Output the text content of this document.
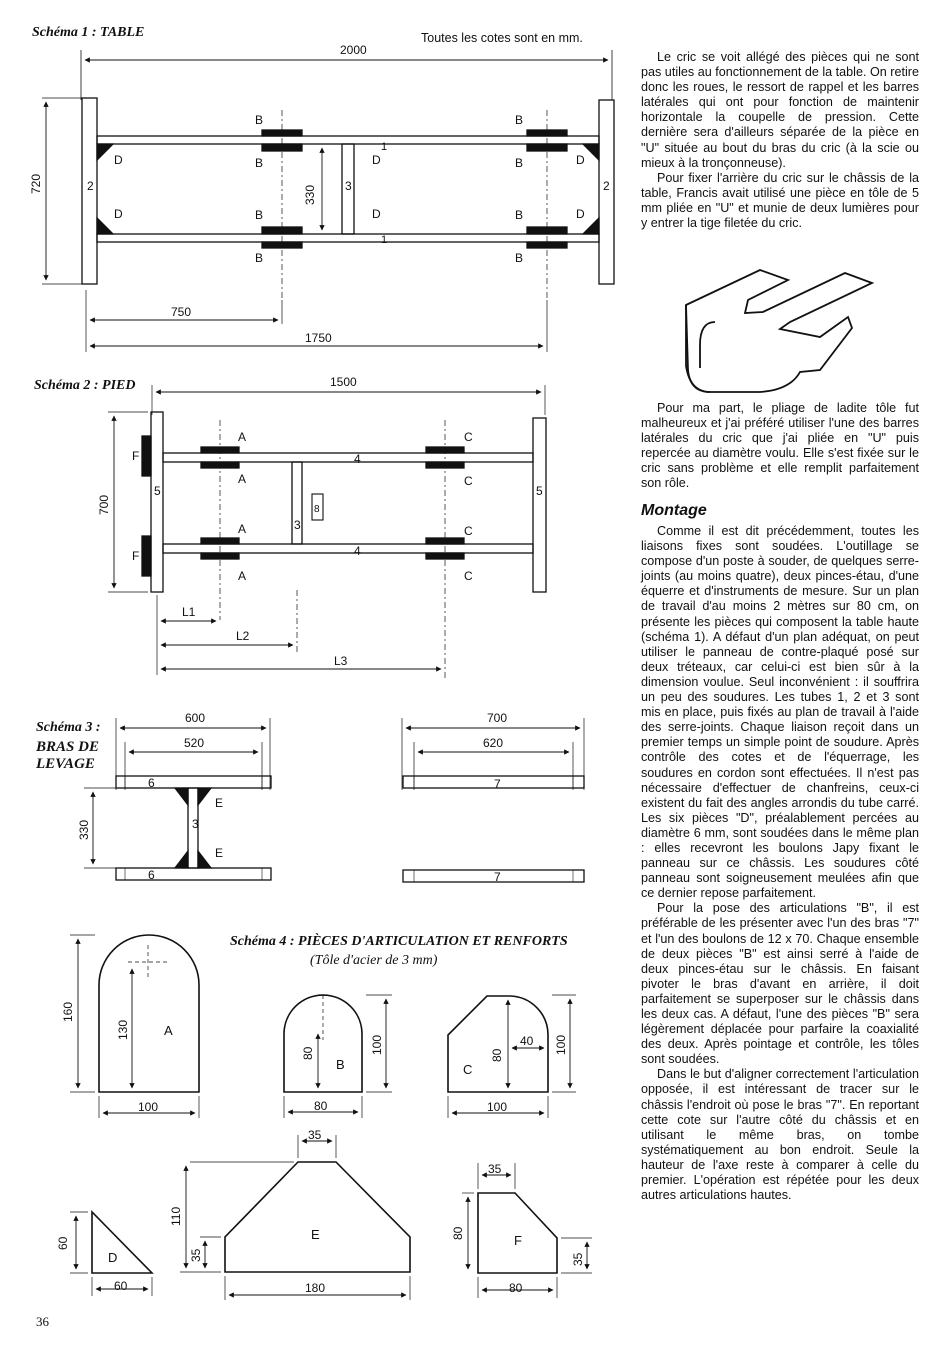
Schéma 1 : TABLE	Toutes les cotes sont en mm.
Schéma 2 : PIED
Schéma 3 :
BRAS DE
LEVAGE
Schéma 4 : PIÈCES D'ARTICULATION ET RENFORTS
(Tôle d'acier de 3 mm)
2000
720
330
750
1750
B
B
B
B
B
B
B
B
D
D
D
D
D
D
1
1
2	2
3
1500
700
L1
L2
L3
A
A
A
A
C
C
C
C
F
F
5	5
4
4
3
8
600
520
330
6
6
3
E
E
700
620
7
7
A
160
130
100
B
80	100
80
C
80
40 100
100
D
60
60
E
35
110
35
180
F
35
80
35
80

Le cric se voit allégé des pièces qui ne sont pas utiles au fonctionnement de la table. On retire donc les roues, le ressort de rappel et les barres latérales qui ont pour fonction de maintenir horizontale la coupelle de pression. Cette dernière sera d'ailleurs séparée de la pièce en "U" située au bout du bras du cric (à la scie ou mieux à la tronçonneuse).

Pour fixer l'arrière du cric sur le châssis de la table, Francis avait utilisé une pièce en tôle de 5 mm pliée en "U" et munie de deux lumières pour y entrer la tige filetée du cric.

Pour ma part, le pliage de ladite tôle fut malheureux et j'ai préféré utiliser l'une des barres latérales du cric que j'ai pliée en "U" puis repercée au diamètre voulu. Elle s'est fixée sur le cric sans problème et elle remplit parfaitement son rôle.

Montage

Comme il est dit précédemment, toutes les liaisons fixes sont soudées. L'outillage se compose d'un poste à souder, de quelques serre-joints (au moins quatre), deux pinces-étau, d'une équerre et d'instruments de mesure. Sur un plan de travail d'au moins 2 mètres sur 80 cm, on présente les pièces qui composent la table haute (schéma 1). A défaut d'un plan adéquat, on peut utiliser le panneau de contre-plaqué posé sur deux tréteaux, car celui-ci est bien sûr à la dimension voulue. Seul inconvénient : il souffrira un peu des soudures. Les tubes 1, 2 et 3 sont mis en place, puis fixés au plan de travail à l'aide des serre-joints. Chaque liaison reçoit dans un premier temps un simple point de soudure. Après contrôle des cotes et de l'équerrage, les soudures en cordon sont effectuées. Il n'est pas nécessaire d'effectuer de chanfreins, ceux-ci existent du fait des angles arrondis du tube carré. Les six pièces "D", préalablement percées au diamètre 6 mm, sont soudées dans le même plan : elles recevront les boulons Japy fixant le panneau sur ce châssis. Les soudures côté panneau sont soigneusement meulées afin que ce dernier repose parfaitement.

Pour la pose des articulations "B", il est préférable de les présenter avec l'un des bras "7" et l'un des boulons de 12 x 70. Chaque ensemble de deux pièces "B" est ainsi serré à l'aide de deux pinces-étau sur le châssis. En faisant pivoter le bras d'avant en arrière, il doit parfaitement se superposer sur le châssis dans les deux cas. A défaut, l'une des pièces "B" sera légèrement déplacée pour parfaire la coaxialité des deux. Après pointage et contrôle, les tôles sont soudées.

Dans le but d'aligner correctement l'articulation opposée, il est intéressant de tracer sur le châssis l'endroit où pose le bras "7". En reportant cette cote sur l'autre côté du châssis et en utilisant le même bras, on tombe systématiquement au bon endroit. Seule la hauteur de l'axe reste à comparer à celle du premier. L'opération est répétée pour les deux autres articulations hautes.

36
